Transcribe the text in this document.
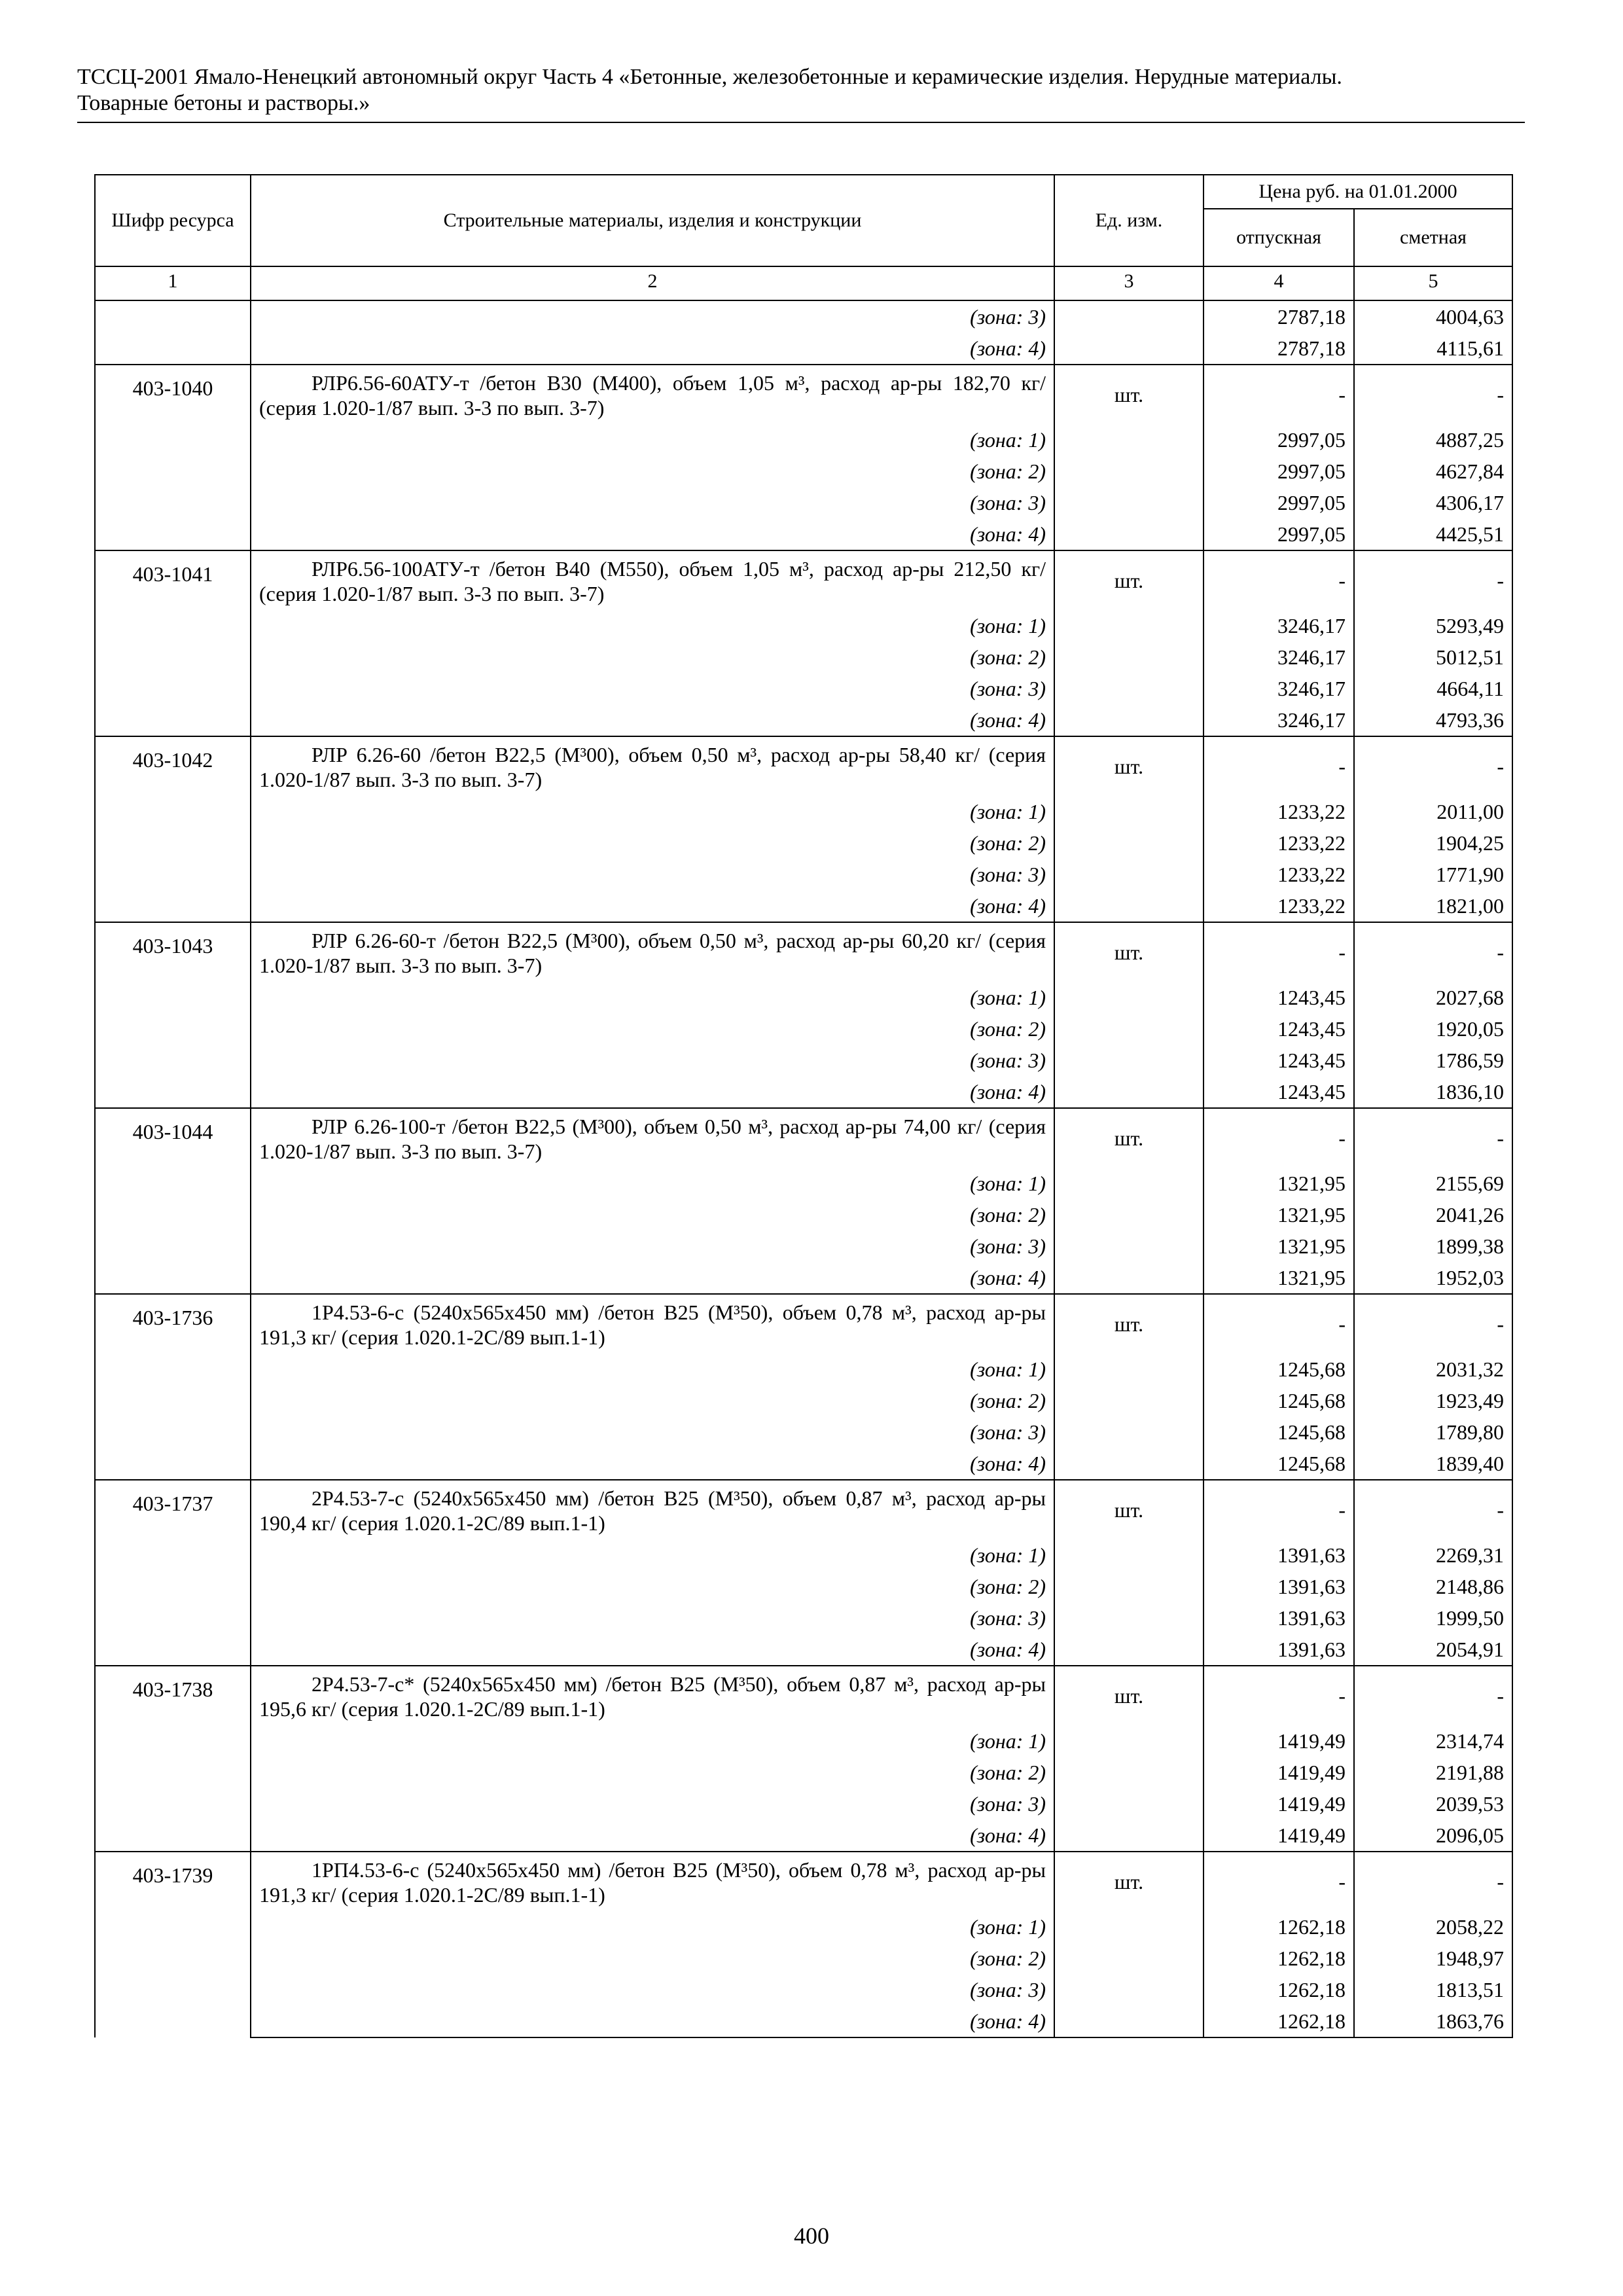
ТССЦ-2001 Ямало-Ненецкий автономный округ Часть 4 «Бетонные, железобетонные и керамические изделия. Нерудные материалы.
Товарные бетоны и растворы.»
Шифр ресурса	Строительные материалы, изделия и конструкции	Ед. изм.	Цена руб. на 01.01.2000	
			отпускная	сметная
1	2	3	4	5
	(зона: 3)		2787,18	4004,63
	(зона: 4)		2787,18	4115,61
403-1040	РЛР6.56-60АТУ-т /бетон В30 (М400), объем 1,05 м³, расход ар-ры 182,70 кг/ (серия 1.020-1/87 вып. 3-3 по вып. 3-7)	шт.	-	-
	(зона: 1)		2997,05	4887,25
	(зона: 2)		2997,05	4627,84
	(зона: 3)		2997,05	4306,17
	(зона: 4)		2997,05	4425,51
403-1041	РЛР6.56-100АТУ-т /бетон В40 (М550), объем 1,05 м³, расход ар-ры 212,50 кг/ (серия 1.020-1/87 вып. 3-3 по вып. 3-7)	шт.	-	-
	(зона: 1)		3246,17	5293,49
	(зона: 2)		3246,17	5012,51
	(зона: 3)		3246,17	4664,11
	(зона: 4)		3246,17	4793,36
403-1042	РЛР 6.26-60 /бетон В22,5 (М³00), объем 0,50 м³, расход ар-ры 58,40 кг/ (серия 1.020-1/87 вып. 3-3 по вып. 3-7)	шт.	-	-
	(зона: 1)		1233,22	2011,00
	(зона: 2)		1233,22	1904,25
	(зона: 3)		1233,22	1771,90
	(зона: 4)		1233,22	1821,00
403-1043	РЛР 6.26-60-т /бетон В22,5 (М³00), объем 0,50 м³, расход ар-ры 60,20 кг/ (серия 1.020-1/87 вып. 3-3 по вып. 3-7)	шт.	-	-
	(зона: 1)		1243,45	2027,68
	(зона: 2)		1243,45	1920,05
	(зона: 3)		1243,45	1786,59
	(зона: 4)		1243,45	1836,10
403-1044	РЛР 6.26-100-т /бетон В22,5 (М³00), объем 0,50 м³, расход ар-ры 74,00 кг/ (серия 1.020-1/87 вып. 3-3 по вып. 3-7)	шт.	-	-
	(зона: 1)		1321,95	2155,69
	(зона: 2)		1321,95	2041,26
	(зона: 3)		1321,95	1899,38
	(зона: 4)		1321,95	1952,03
403-1736	1Р4.53-6-с (5240х565х450 мм) /бетон В25 (М³50), объем 0,78 м³, расход ар-ры 191,3 кг/ (серия 1.020.1-2С/89 вып.1-1)	шт.	-	-
	(зона: 1)		1245,68	2031,32
	(зона: 2)		1245,68	1923,49
	(зона: 3)		1245,68	1789,80
	(зона: 4)		1245,68	1839,40
403-1737	2Р4.53-7-с (5240х565х450 мм) /бетон В25 (М³50), объем 0,87 м³, расход ар-ры 190,4 кг/ (серия 1.020.1-2С/89 вып.1-1)	шт.	-	-
	(зона: 1)		1391,63	2269,31
	(зона: 2)		1391,63	2148,86
	(зона: 3)		1391,63	1999,50
	(зона: 4)		1391,63	2054,91
403-1738	2Р4.53-7-с* (5240х565х450 мм) /бетон В25 (М³50), объем 0,87 м³, расход ар-ры 195,6 кг/ (серия 1.020.1-2С/89 вып.1-1)	шт.	-	-
	(зона: 1)		1419,49	2314,74
	(зона: 2)		1419,49	2191,88
	(зона: 3)		1419,49	2039,53
	(зона: 4)		1419,49	2096,05
403-1739	1РП4.53-6-с (5240х565х450 мм) /бетон В25 (М³50), объем 0,78 м³, расход ар-ры 191,3 кг/ (серия 1.020.1-2С/89 вып.1-1)	шт.	-	-
	(зона: 1)		1262,18	2058,22
	(зона: 2)		1262,18	1948,97
	(зона: 3)		1262,18	1813,51
	(зона: 4)		1262,18	1863,76
400
